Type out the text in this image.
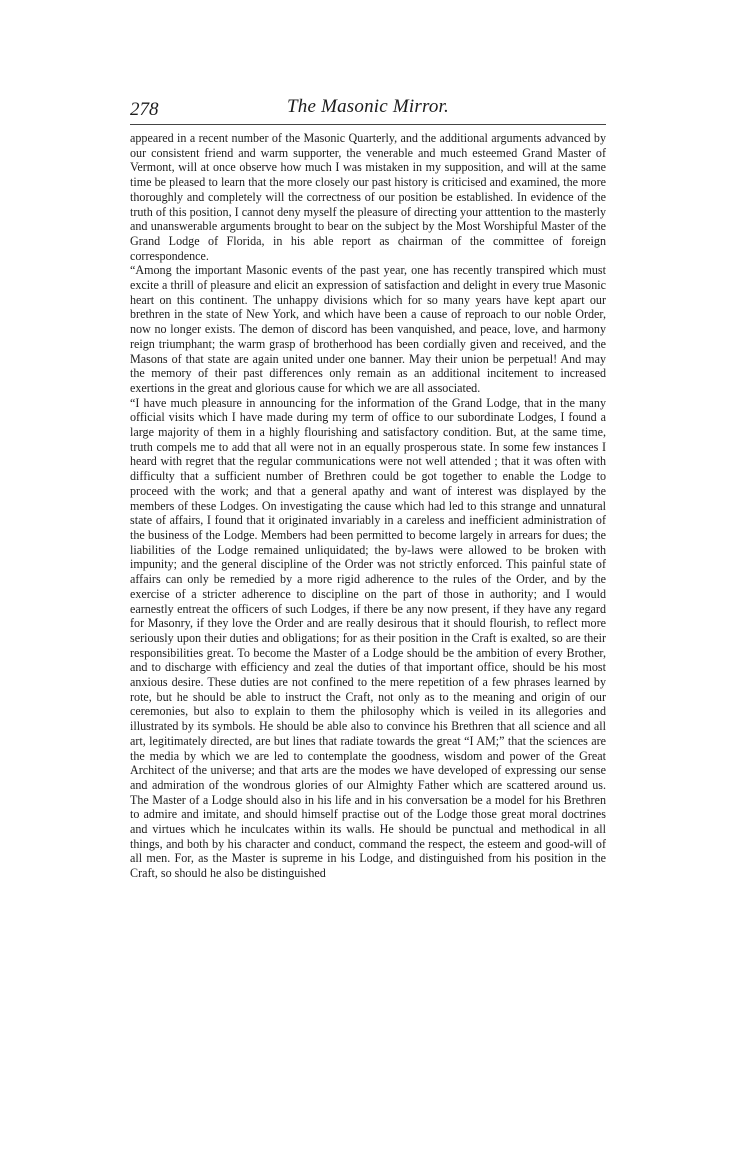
278	The Masonic Mirror.

appeared in a recent number of the Masonic Quarterly, and the additional arguments advanced by our consistent friend and warm supporter, the venerable and much esteemed Grand Master of Vermont, will at once observe how much I was mistaken in my supposition, and will at the same time be pleased to learn that the more closely our past history is criticised and examined, the more thoroughly and completely will the correctness of our position be established. In evidence of the truth of this position, I cannot deny myself the pleasure of directing your atttention to the masterly and unanswerable arguments brought to bear on the subject by the Most Worshipful Master of the Grand Lodge of Florida, in his able report as chairman of the committee of foreign correspondence.

“Among the important Masonic events of the past year, one has recently transpired which must excite a thrill of pleasure and elicit an expression of satisfaction and delight in every true Masonic heart on this continent. The unhappy divisions which for so many years have kept apart our brethren in the state of New York, and which have been a cause of reproach to our noble Order, now no longer exists. The demon of discord has been vanquished, and peace, love, and harmony reign triumphant; the warm grasp of brotherhood has been cordially given and received, and the Masons of that state are again united under one banner. May their union be perpetual! And may the memory of their past differences only remain as an additional incitement to increased exertions in the great and glorious cause for which we are all associated.

“I have much pleasure in announcing for the information of the Grand Lodge, that in the many official visits which I have made during my term of office to our subordinate Lodges, I found a large majority of them in a highly flourishing and satisfactory condition. But, at the same time, truth compels me to add that all were not in an equally prosperous state. In some few instances I heard with regret that the regular communications were not well attended ; that it was often with difficulty that a sufficient number of Brethren could be got together to enable the Lodge to proceed with the work; and that a general apathy and want of interest was displayed by the members of these Lodges. On investigating the cause which had led to this strange and unnatural state of affairs, I found that it originated invariably in a careless and inefficient administration of the business of the Lodge. Members had been permitted to become largely in arrears for dues; the liabilities of the Lodge remained unliquidated; the by-laws were allowed to be broken with impunity; and the general discipline of the Order was not strictly enforced. This painful state of affairs can only be remedied by a more rigid adherence to the rules of the Order, and by the exercise of a stricter adherence to discipline on the part of those in authority; and I would earnestly entreat the officers of such Lodges, if there be any now present, if they have any regard for Masonry, if they love the Order and are really desirous that it should flourish, to reflect more seriously upon their duties and obligations; for as their position in the Craft is exalted, so are their responsibilities great. To become the Master of a Lodge should be the ambition of every Brother, and to discharge with efficiency and zeal the duties of that important office, should be his most anxious desire. These duties are not confined to the mere repetition of a few phrases learned by rote, but he should be able to instruct the Craft, not only as to the meaning and origin of our ceremonies, but also to explain to them the philosophy which is veiled in its allegories and illustrated by its symbols. He should be able also to convince his Brethren that all science and all art, legitimately directed, are but lines that radiate towards the great “I AM;” that the sciences are the media by which we are led to contemplate the goodness, wisdom and power of the Great Architect of the universe; and that arts are the modes we have developed of expressing our sense and admiration of the wondrous glories of our Almighty Father which are scattered around us. The Master of a Lodge should also in his life and in his conversation be a model for his Brethren to admire and imitate, and should himself practise out of the Lodge those great moral doctrines and virtues which he inculcates within its walls. He should be punctual and methodical in all things, and both by his character and conduct, command the respect, the esteem and good-will of all men. For, as the Master is supreme in his Lodge, and distinguished from his position in the Craft, so should he also be distinguished
